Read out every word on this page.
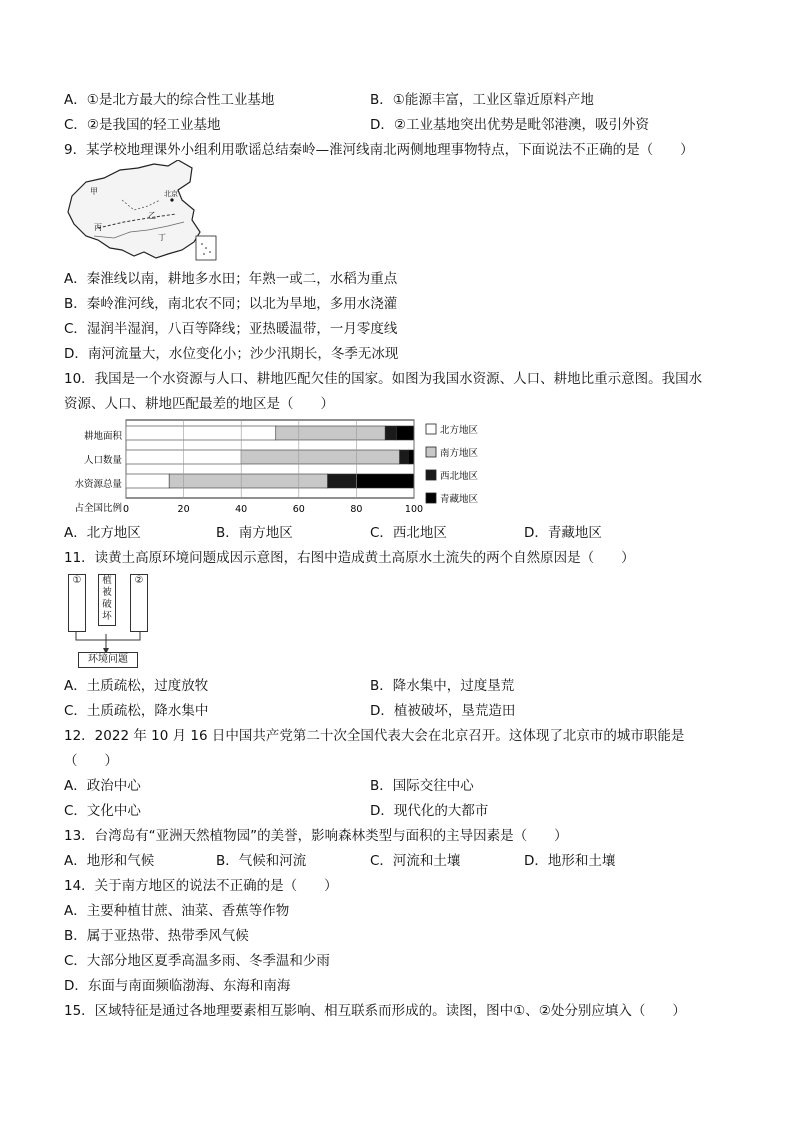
A．①是北方最大的综合性工业基地	B．①能源丰富，工业区靠近原料产地
C．②是我国的轻工业基地	D．②工业基地突出优势是毗邻港澳，吸引外资
9．某学校地理课外小组利用歌谣总结秦岭—淮河线南北两侧地理事物特点，下面说法不正确的是（　　）
甲
乙
丙
丁
北京
A．秦淮线以南，耕地多水田；年熟一或二，水稻为重点
B．秦岭淮河线，南北农不同；以北为旱地，多用水浇灌
C．湿润半湿润，八百等降线；亚热暖温带，一月零度线
D．南河流量大，水位变化小；沙少汛期长，冬季无冰现
10．我国是一个水资源与人口、耕地匹配欠佳的国家。如图为我国水资源、人口、耕地比重示意图。我国水
资源、人口、耕地匹配最差的地区是（　　）
耕地面积
人口数量
水资源总量
占全国比例 0	20	40	60	80	100
北方地区
南方地区
西北地区
青藏地区
A．北方地区	B．南方地区	C．西北地区	D．青藏地区
11．读黄土高原环境问题成因示意图，右图中造成黄土高原水土流失的两个自然原因是（　　）
①	植被破坏
②
环境问题
A．土质疏松，过度放牧	B．降水集中，过度垦荒
C．土质疏松，降水集中	D．植被破坏，垦荒造田
12．2022 年 10 月 16 日中国共产党第二十次全国代表大会在北京召开。这体现了北京市的城市职能是
（　　）
A．政治中心	B．国际交往中心
C．文化中心	D．现代化的大都市
13．台湾岛有“亚洲天然植物园”的美誉，影响森林类型与面积的主导因素是（　　）
A．地形和气候	B．气候和河流	C．河流和土壤	D．地形和土壤
14．关于南方地区的说法不正确的是（　　）
A．主要种植甘蔗、油菜、香蕉等作物
B．属于亚热带、热带季风气候
C．大部分地区夏季高温多雨、冬季温和少雨
D．东面与南面频临渤海、东海和南海
15．区域特征是通过各地理要素相互影响、相互联系而形成的。读图，图中①、②处分别应填入（　　）
